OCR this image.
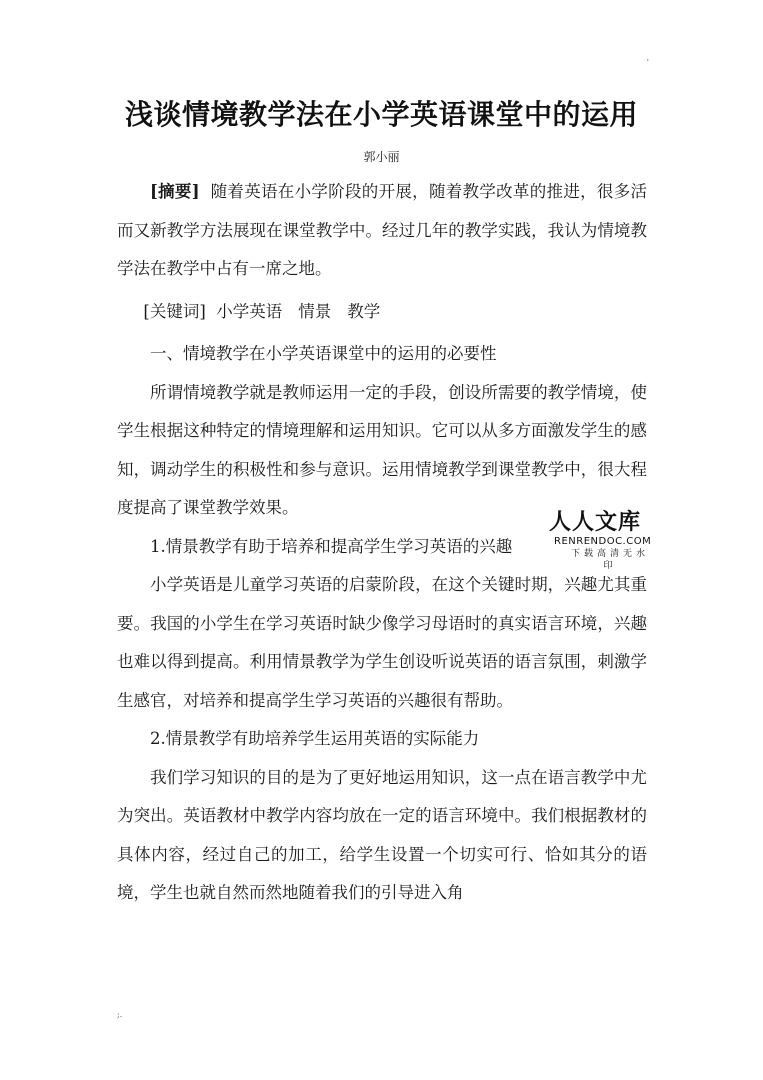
'
浅谈情境教学法在小学英语课堂中的运用
郭小丽

[摘要] 随着英语在小学阶段的开展，随着教学改革的推进，很多活而又新教学方法展现在课堂教学中。经过几年的教学实践，我认为情境教学法在教学中占有一席之地。

[关键词] 小学英语 情景 教学

一、情境教学在小学英语课堂中的运用的必要性

所谓情境教学就是教师运用一定的手段，创设所需要的教学情境，使学生根据这种特定的情境理解和运用知识。它可以从多方面激发学生的感知，调动学生的积极性和参与意识。运用情境教学到课堂教学中，很大程度提高了课堂教学效果。

1.情景教学有助于培养和提高学生学习英语的兴趣

小学英语是儿童学习英语的启蒙阶段，在这个关键时期，兴趣尤其重要。我国的小学生在学习英语时缺少像学习母语时的真实语言环境，兴趣也难以得到提高。利用情景教学为学生创设听说英语的语言氛围，刺激学生感官，对培养和提高学生学习英语的兴趣很有帮助。

2.情景教学有助培养学生运用英语的实际能力

我们学习知识的目的是为了更好地运用知识，这一点在语言教学中尤为突出。英语教材中教学内容均放在一定的语言环境中。我们根据教材的具体内容，经过自己的加工，给学生设置一个切实可行、恰如其分的语境，学生也就自然而然地随着我们的引导进入角

人人文库
RENRENDOC.COM
下载高清无水印
;.
